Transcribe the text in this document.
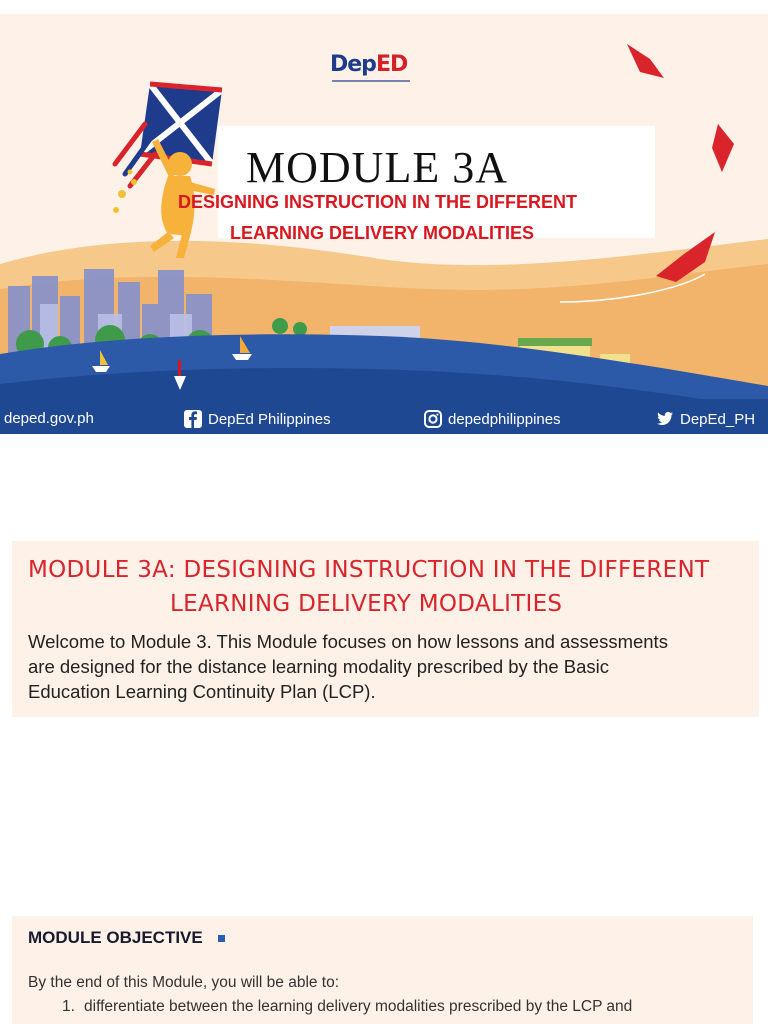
DepED
MODULE 3A
DESIGNING INSTRUCTION IN THE DIFFERENT
LEARNING DELIVERY MODALITIES
deped.gov.ph	DepEd Philippines	depedphilippines	DepEd_PH
MODULE 3A: DESIGNING INSTRUCTION IN THE DIFFERENT
LEARNING DELIVERY MODALITIES
Welcome to Module 3. This Module focuses on how lessons and assessments
are designed for the distance learning modality prescribed by the Basic
Education Learning Continuity Plan (LCP).
MODULE OBJECTIVE
By the end of this Module, you will be able to:
1. differentiate between the learning delivery modalities prescribed by the LCP and
